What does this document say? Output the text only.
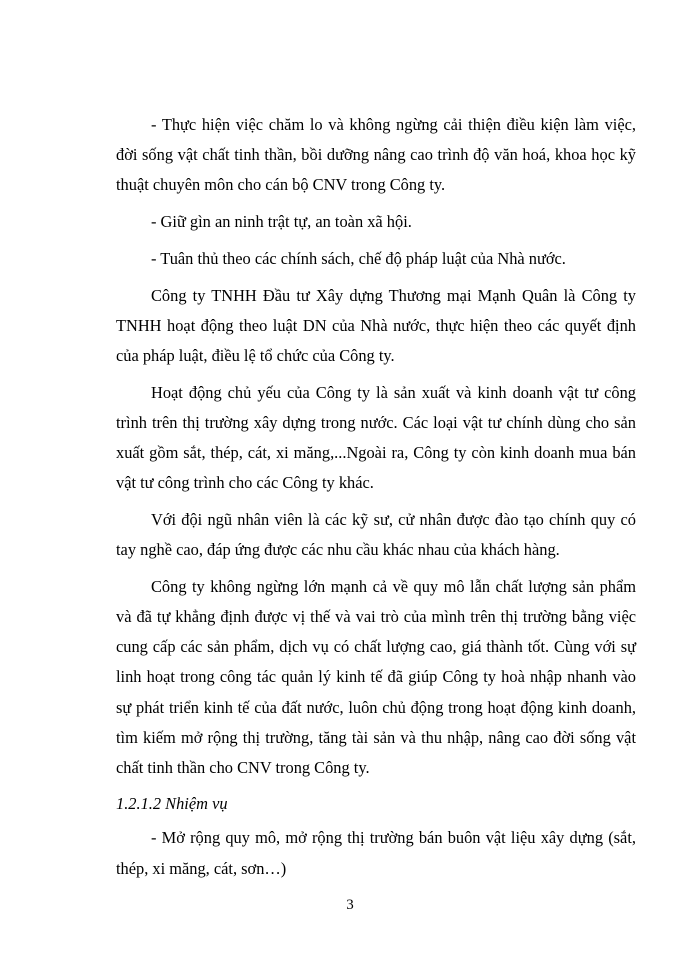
- Thực hiện việc chăm lo và không ngừng cải thiện điều kiện làm việc, đời sống vật chất tinh thần, bồi dưỡng nâng cao trình độ văn hoá, khoa học kỹ thuật chuyên môn cho cán bộ CNV trong Công ty.

- Giữ gìn an ninh trật tự, an toàn xã hội.

- Tuân thủ theo các chính sách, chế độ pháp luật của Nhà nước.

Công ty TNHH Đầu tư Xây dựng Thương mại Mạnh Quân là Công ty TNHH hoạt động theo luật DN của Nhà nước, thực hiện theo các quyết định của pháp luật, điều lệ tổ chức của Công ty.

Hoạt động chủ yếu của Công ty là sản xuất và kinh doanh vật tư công trình trên thị trường xây dựng trong nước. Các loại vật tư chính dùng cho sản xuất gồm sắt, thép, cát, xi măng,...Ngoài ra, Công ty còn kinh doanh mua bán vật tư công trình cho các Công ty khác.

Với đội ngũ nhân viên là các kỹ sư, cử nhân được đào tạo chính quy có tay nghề cao, đáp ứng được các nhu cầu khác nhau của khách hàng.

Công ty không ngừng lớn mạnh cả về quy mô lẫn chất lượng sản phẩm và đã tự khẳng định được vị thế và vai trò của mình trên thị trường bằng việc cung cấp các sản phẩm, dịch vụ có chất lượng cao, giá thành tốt. Cùng với sự linh hoạt trong công tác quản lý kinh tế đã giúp Công ty hoà nhập nhanh vào sự phát triển kinh tế của đất nước, luôn chủ động trong hoạt động kinh doanh, tìm kiếm mở rộng thị trường, tăng tài sản và thu nhập, nâng cao đời sống vật chất tinh thần cho CNV trong Công ty.

1.2.1.2 Nhiệm vụ

- Mở rộng quy mô, mở rộng thị trường bán buôn vật liệu xây dựng (sắt, thép, xi măng, cát, sơn…)

3
